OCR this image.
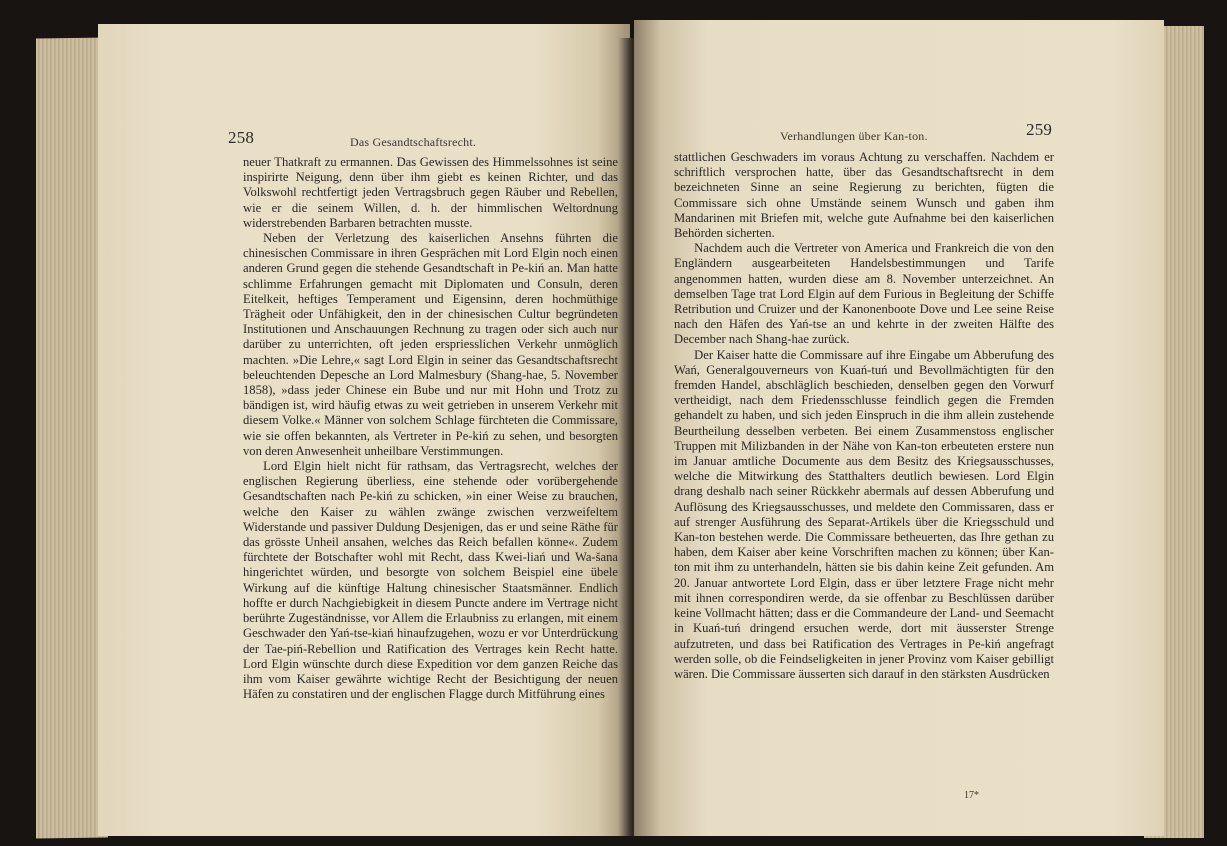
258	Das Gesandtschaftsrecht.

neuer Thatkraft zu ermannen. Das Gewissen des Himmelssohnes ist seine inspirirte Neigung, denn über ihm giebt es keinen Richter, und das Volkswohl rechtfertigt jeden Vertragsbruch gegen Räuber und Rebellen, wie er die seinem Willen, d. h. der himmlischen Weltordnung widerstrebenden Barbaren betrachten musste.

Neben der Verletzung des kaiserlichen Ansehns führten die chinesischen Commissare in ihren Gesprächen mit Lord Elgin noch einen anderen Grund gegen die stehende Gesandtschaft in Pe-kiń an. Man hatte schlimme Erfahrungen gemacht mit Diplomaten und Consuln, deren Eitelkeit, heftiges Temperament und Eigensinn, deren hochmüthige Trägheit oder Unfähigkeit, den in der chinesischen Cultur begründeten Institutionen und Anschauungen Rechnung zu tragen oder sich auch nur darüber zu unterrichten, oft jeden erspriesslichen Verkehr unmöglich machten. »Die Lehre,« sagt Lord Elgin in seiner das Gesandtschaftsrecht beleuchtenden Depesche an Lord Malmesbury (Shang-hae, 5. November 1858), »dass jeder Chinese ein Bube und nur mit Hohn und Trotz zu bändigen ist, wird häufig etwas zu weit getrieben in unserem Verkehr mit diesem Volke.« Männer von solchem Schlage fürchteten die Commissare, wie sie offen bekannten, als Vertreter in Pe-kiń zu sehen, und besorgten von deren Anwesenheit unheilbare Verstimmungen.

Lord Elgin hielt nicht für rathsam, das Vertragsrecht, welches der englischen Regierung überliess, eine stehende oder vorübergehende Gesandtschaften nach Pe-kiń zu schicken, »in einer Weise zu brauchen, welche den Kaiser zu wählen zwänge zwischen verzweifeltem Widerstande und passiver Duldung Desjenigen, das er und seine Räthe für das grösste Unheil ansahen, welches das Reich befallen könne«. Zudem fürchtete der Botschafter wohl mit Recht, dass Kwei-liań und Wa-šana hingerichtet würden, und besorgte von solchem Beispiel eine übele Wirkung auf die künftige Haltung chinesischer Staatsmänner. Endlich hoffte er durch Nachgiebigkeit in diesem Puncte andere im Vertrage nicht berührte Zugeständnisse, vor Allem die Erlaubniss zu erlangen, mit einem Geschwader den Yań-tse-kiań hinaufzugehen, wozu er vor Unterdrückung der Tae-piń-Rebellion und Ratification des Vertrages kein Recht hatte. Lord Elgin wünschte durch diese Expedition vor dem ganzen Reiche das ihm vom Kaiser gewährte wichtige Recht der Besichtigung der neuen Häfen zu constatiren und der englischen Flagge durch Mitführung eines

Verhandlungen über Kan-ton.	259

stattlichen Geschwaders im voraus Achtung zu verschaffen. Nachdem er schriftlich versprochen hatte, über das Gesandtschaftsrecht in dem bezeichneten Sinne an seine Regierung zu berichten, fügten die Commissare sich ohne Umstände seinem Wunsch und gaben ihm Mandarinen mit Briefen mit, welche gute Aufnahme bei den kaiserlichen Behörden sicherten.

Nachdem auch die Vertreter von America und Frankreich die von den Engländern ausgearbeiteten Handelsbestimmungen und Tarife angenommen hatten, wurden diese am 8. November unterzeichnet. An demselben Tage trat Lord Elgin auf dem Furious in Begleitung der Schiffe Retribution und Cruizer und der Kanonenboote Dove und Lee seine Reise nach den Häfen des Yań-tse an und kehrte in der zweiten Hälfte des December nach Shang-hae zurück.

Der Kaiser hatte die Commissare auf ihre Eingabe um Abberufung des Wań, Generalgouverneurs von Kuań-tuń und Bevollmächtigten für den fremden Handel, abschläglich beschieden, denselben gegen den Vorwurf vertheidigt, nach dem Friedensschlusse feindlich gegen die Fremden gehandelt zu haben, und sich jeden Einspruch in die ihm allein zustehende Beurtheilung desselben verbeten. Bei einem Zusammenstoss englischer Truppen mit Milizbanden in der Nähe von Kan-ton erbeuteten erstere nun im Januar amtliche Documente aus dem Besitz des Kriegsausschusses, welche die Mitwirkung des Statthalters deutlich bewiesen. Lord Elgin drang deshalb nach seiner Rückkehr abermals auf dessen Abberufung und Auflösung des Kriegsausschusses, und meldete den Commissaren, dass er auf strenger Ausführung des Separat-Artikels über die Kriegsschuld und Kan-ton bestehen werde. Die Commissare betheuerten, das Ihre gethan zu haben, dem Kaiser aber keine Vorschriften machen zu können; über Kan-ton mit ihm zu unterhandeln, hätten sie bis dahin keine Zeit gefunden. Am 20. Januar antwortete Lord Elgin, dass er über letztere Frage nicht mehr mit ihnen correspondiren werde, da sie offenbar zu Beschlüssen darüber keine Vollmacht hätten; dass er die Commandeure der Land- und Seemacht in Kuań-tuń dringend ersuchen werde, dort mit äusserster Strenge aufzutreten, und dass bei Ratification des Vertrages in Pe-kiń angefragt werden solle, ob die Feindseligkeiten in jener Provinz vom Kaiser gebilligt wären. Die Commissare äusserten sich darauf in den stärksten Ausdrücken

17*
